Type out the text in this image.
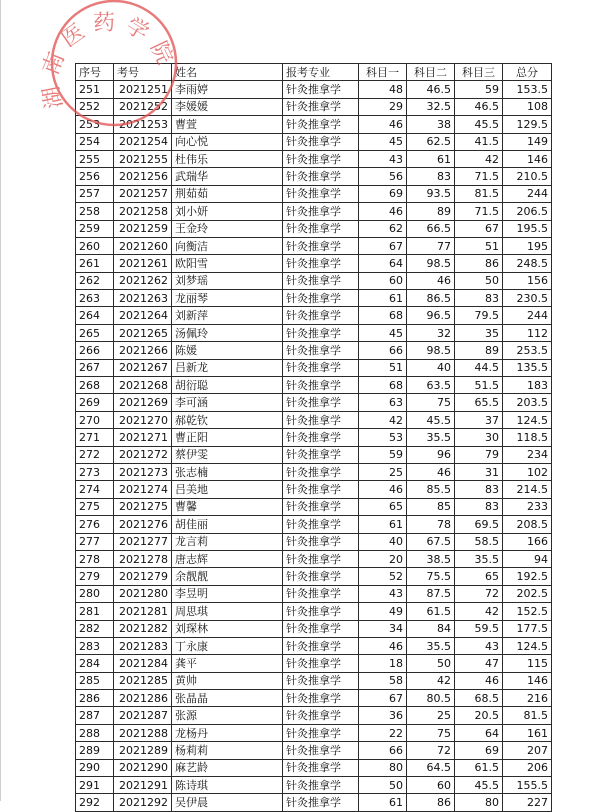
序号	考号	姓名	报考专业	科目一	科目二	科目三	总分
251	2021251	李雨婷	针灸推拿学	48	46.5	59	153.5
252	2021252	李媛媛	针灸推拿学	29	32.5	46.5	108
253	2021253	曹萱	针灸推拿学	46	38	45.5	129.5
254	2021254	向心悦	针灸推拿学	45	62.5	41.5	149
255	2021255	杜伟乐	针灸推拿学	43	61	42	146
256	2021256	武瑞华	针灸推拿学	56	83	71.5	210.5
257	2021257	荆茹茹	针灸推拿学	69	93.5	81.5	244
258	2021258	刘小妍	针灸推拿学	46	89	71.5	206.5
259	2021259	王金玲	针灸推拿学	62	66.5	67	195.5
260	2021260	向衡洁	针灸推拿学	67	77	51	195
261	2021261	欧阳雪	针灸推拿学	64	98.5	86	248.5
262	2021262	刘梦瑶	针灸推拿学	60	46	50	156
263	2021263	龙丽琴	针灸推拿学	61	86.5	83	230.5
264	2021264	刘新萍	针灸推拿学	68	96.5	79.5	244
265	2021265	汤佩玲	针灸推拿学	45	32	35	112
266	2021266	陈媛	针灸推拿学	66	98.5	89	253.5
267	2021267	吕新龙	针灸推拿学	51	40	44.5	135.5
268	2021268	胡衍聪	针灸推拿学	68	63.5	51.5	183
269	2021269	李可涵	针灸推拿学	63	75	65.5	203.5
270	2021270	郝乾钦	针灸推拿学	42	45.5	37	124.5
271	2021271	曹正阳	针灸推拿学	53	35.5	30	118.5
272	2021272	蔡伊雯	针灸推拿学	59	96	79	234
273	2021273	张志楠	针灸推拿学	25	46	31	102
274	2021274	吕美地	针灸推拿学	46	85.5	83	214.5
275	2021275	曹馨	针灸推拿学	65	85	83	233
276	2021276	胡佳丽	针灸推拿学	61	78	69.5	208.5
277	2021277	龙言莉	针灸推拿学	40	67.5	58.5	166
278	2021278	唐志辉	针灸推拿学	20	38.5	35.5	94
279	2021279	余靓靓	针灸推拿学	52	75.5	65	192.5
280	2021280	李昱明	针灸推拿学	43	87.5	72	202.5
281	2021281	周思琪	针灸推拿学	49	61.5	42	152.5
282	2021282	刘琛林	针灸推拿学	34	84	59.5	177.5
283	2021283	丁永康	针灸推拿学	46	35.5	43	124.5
284	2021284	龚平	针灸推拿学	18	50	47	115
285	2021285	黄帅	针灸推拿学	58	42	46	146
286	2021286	张晶晶	针灸推拿学	67	80.5	68.5	216
287	2021287	张源	针灸推拿学	36	25	20.5	81.5
288	2021288	龙杨丹	针灸推拿学	22	75	64	161
289	2021289	杨莉莉	针灸推拿学	66	72	69	207
290	2021290	麻艺龄	针灸推拿学	80	64.5	61.5	206
291	2021291	陈诗琪	针灸推拿学	50	60	45.5	155.5
292	2021292	吴伊晨	针灸推拿学	61	86	80	227
湖南医药学院
